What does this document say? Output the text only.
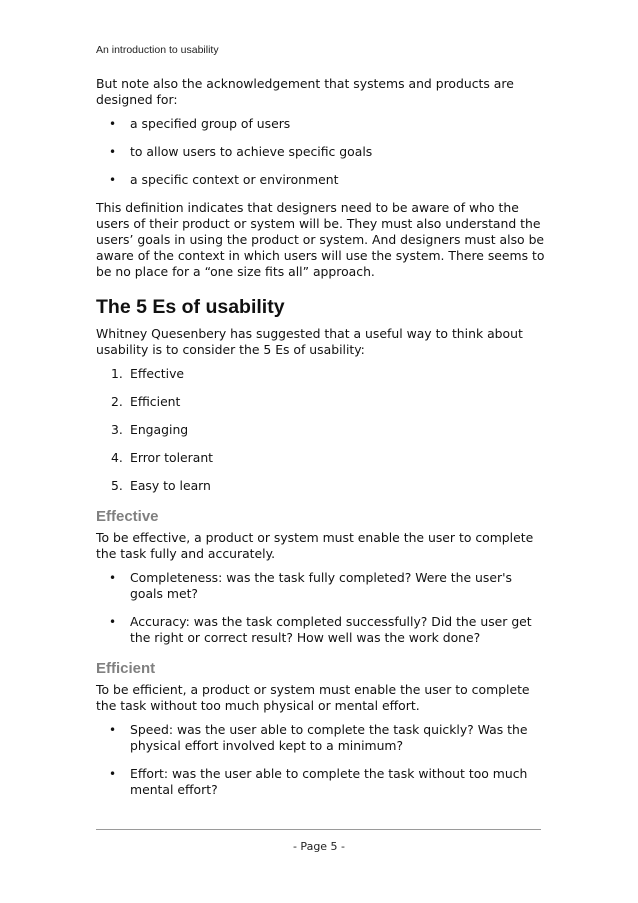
An introduction to usability

But note also the acknowledgement that systems and products are designed for:

• a specified group of users
• to allow users to achieve specific goals
• a specific context or environment

This definition indicates that designers need to be aware of who the users of their product or system will be. They must also understand the users’ goals in using the product or system. And designers must also be aware of the context in which users will use the system. There seems to be no place for a “one size fits all” approach.

The 5 Es of usability

Whitney Quesenbery has suggested that a useful way to think about usability is to consider the 5 Es of usability:

1. Effective
2. Efficient
3. Engaging
4. Error tolerant
5. Easy to learn
Effective

To be effective, a product or system must enable the user to complete the task fully and accurately.

• Completeness: was the task fully completed? Were the user's goals met?
• Accuracy: was the task completed successfully? Did the user get the right or correct result? How well was the work done?
Efficient

To be efficient, a product or system must enable the user to complete the task without too much physical or mental effort.

• Speed: was the user able to complete the task quickly? Was the physical effort involved kept to a minimum?
• Effort: was the user able to complete the task without too much mental effort?
- Page 5 -
